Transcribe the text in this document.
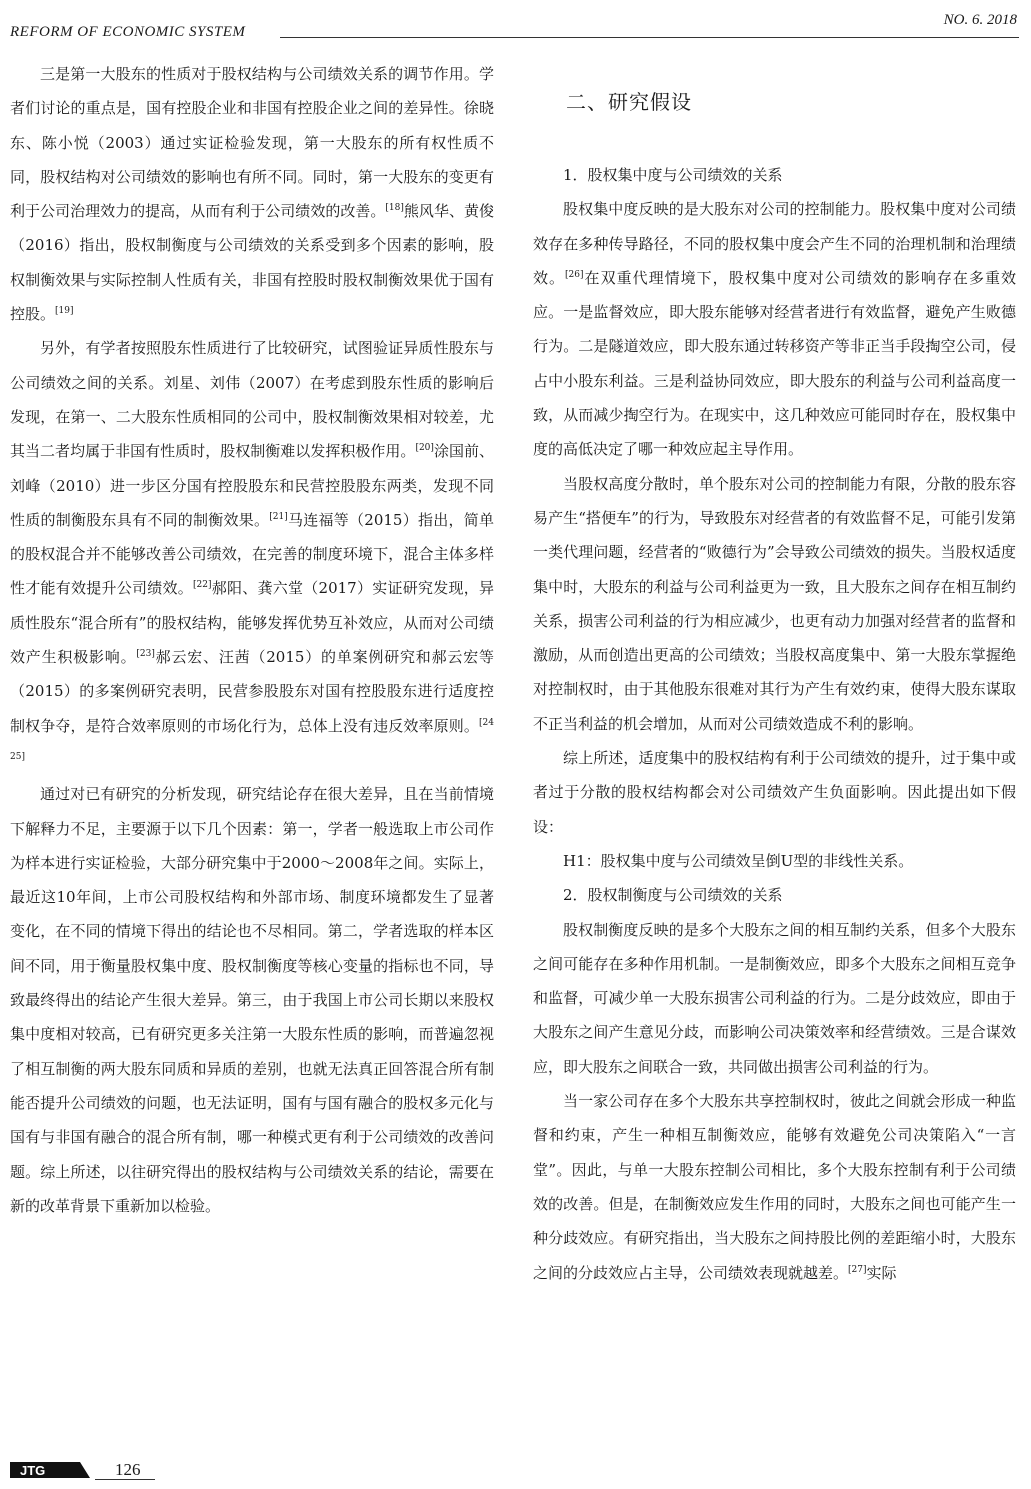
REFORM OF ECONOMIC SYSTEM
NO. 6. 2018

三是第一大股东的性质对于股权结构与公司绩效关系的调节作用。学者们讨论的重点是，国有控股企业和非国有控股企业之间的差异性。徐晓东、陈小悦（2003）通过实证检验发现，第一大股东的所有权性质不同，股权结构对公司绩效的影响也有所不同。同时，第一大股东的变更有利于公司治理效力的提高，从而有利于公司绩效的改善。[18]熊风华、黄俊（2016）指出，股权制衡度与公司绩效的关系受到多个因素的影响，股权制衡效果与实际控制人性质有关，非国有控股时股权制衡效果优于国有控股。[19]

另外，有学者按照股东性质进行了比较研究，试图验证异质性股东与公司绩效之间的关系。刘星、刘伟（2007）在考虑到股东性质的影响后发现，在第一、二大股东性质相同的公司中，股权制衡效果相对较差，尤其当二者均属于非国有性质时，股权制衡难以发挥积极作用。[20]涂国前、刘峰（2010）进一步区分国有控股股东和民营控股股东两类，发现不同性质的制衡股东具有不同的制衡效果。[21]马连福等（2015）指出，简单的股权混合并不能够改善公司绩效，在完善的制度环境下，混合主体多样性才能有效提升公司绩效。[22]郝阳、龚六堂（2017）实证研究发现，异质性股东“混合所有”的股权结构，能够发挥优势互补效应，从而对公司绩效产生积极影响。[23]郝云宏、汪茜（2015）的单案例研究和郝云宏等（2015）的多案例研究表明，民营参股股东对国有控股股东进行适度控制权争夺，是符合效率原则的市场化行为，总体上没有违反效率原则。[24 25]

通过对已有研究的分析发现，研究结论存在很大差异，且在当前情境下解释力不足，主要源于以下几个因素：第一，学者一般选取上市公司作为样本进行实证检验，大部分研究集中于2000～2008年之间。实际上，最近这10年间，上市公司股权结构和外部市场、制度环境都发生了显著变化，在不同的情境下得出的结论也不尽相同。第二，学者选取的样本区间不同，用于衡量股权集中度、股权制衡度等核心变量的指标也不同，导致最终得出的结论产生很大差异。第三，由于我国上市公司长期以来股权集中度相对较高，已有研究更多关注第一大股东性质的影响，而普遍忽视了相互制衡的两大股东同质和异质的差别，也就无法真正回答混合所有制能否提升公司绩效的问题，也无法证明，国有与国有融合的股权多元化与国有与非国有融合的混合所有制，哪一种模式更有利于公司绩效的改善问题。综上所述，以往研究得出的股权结构与公司绩效关系的结论，需要在新的改革背景下重新加以检验。

二、研究假设

1．股权集中度与公司绩效的关系

股权集中度反映的是大股东对公司的控制能力。股权集中度对公司绩效存在多种传导路径，不同的股权集中度会产生不同的治理机制和治理绩效。[26]在双重代理情境下，股权集中度对公司绩效的影响存在多重效应。一是监督效应，即大股东能够对经营者进行有效监督，避免产生败德行为。二是隧道效应，即大股东通过转移资产等非正当手段掏空公司，侵占中小股东利益。三是利益协同效应，即大股东的利益与公司利益高度一致，从而减少掏空行为。在现实中，这几种效应可能同时存在，股权集中度的高低决定了哪一种效应起主导作用。

当股权高度分散时，单个股东对公司的控制能力有限，分散的股东容易产生“搭便车”的行为，导致股东对经营者的有效监督不足，可能引发第一类代理问题，经营者的“败德行为”会导致公司绩效的损失。当股权适度集中时，大股东的利益与公司利益更为一致，且大股东之间存在相互制约关系，损害公司利益的行为相应减少，也更有动力加强对经营者的监督和激励，从而创造出更高的公司绩效；当股权高度集中、第一大股东掌握绝对控制权时，由于其他股东很难对其行为产生有效约束，使得大股东谋取不正当利益的机会增加，从而对公司绩效造成不利的影响。

综上所述，适度集中的股权结构有利于公司绩效的提升，过于集中或者过于分散的股权结构都会对公司绩效产生负面影响。因此提出如下假设：

H1：股权集中度与公司绩效呈倒U型的非线性关系。

2．股权制衡度与公司绩效的关系

股权制衡度反映的是多个大股东之间的相互制约关系，但多个大股东之间可能存在多种作用机制。一是制衡效应，即多个大股东之间相互竞争和监督，可减少单一大股东损害公司利益的行为。二是分歧效应，即由于大股东之间产生意见分歧，而影响公司决策效率和经营绩效。三是合谋效应，即大股东之间联合一致，共同做出损害公司利益的行为。

当一家公司存在多个大股东共享控制权时，彼此之间就会形成一种监督和约束，产生一种相互制衡效应，能够有效避免公司决策陷入“一言堂”。因此，与单一大股东控制公司相比，多个大股东控制有利于公司绩效的改善。但是，在制衡效应发生作用的同时，大股东之间也可能产生一种分歧效应。有研究指出，当大股东之间持股比例的差距缩小时，大股东之间的分歧效应占主导，公司绩效表现就越差。[27]实际

JTG	126
